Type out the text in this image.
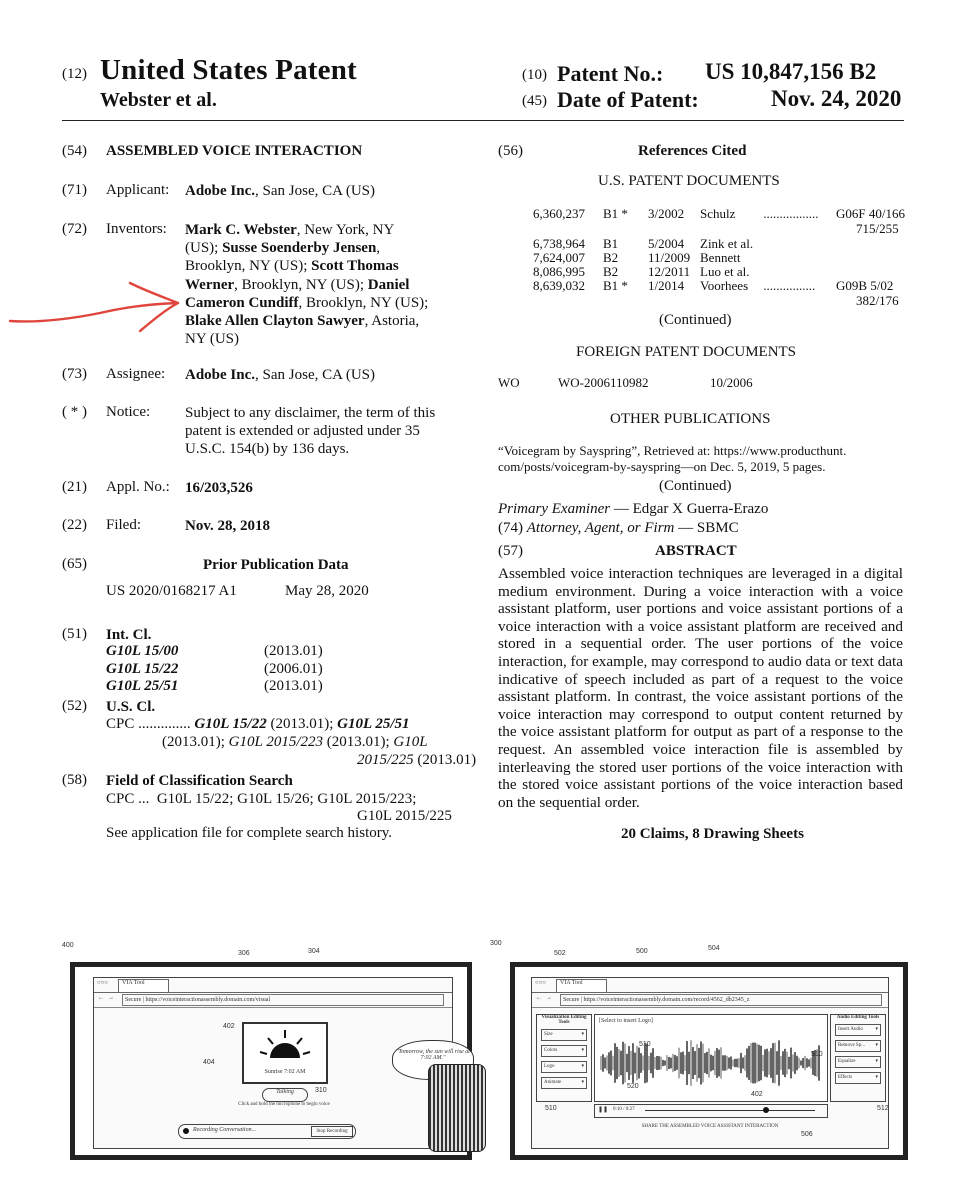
(12) United States Patent
Webster et al.
(10) Patent No.: US 10,847,156 B2
(45) Date of Patent:	Nov. 24, 2020
(54) ASSEMBLED VOICE INTERACTION
(71) Applicant: Adobe Inc., San Jose, CA (US)
(72) Inventors: Mark C. Webster, New York, NY
(US); Susse Soenderby Jensen,
Brooklyn, NY (US); Scott Thomas
Werner, Brooklyn, NY (US); Daniel
Cameron Cundiff, Brooklyn, NY (US);
Blake Allen Clayton Sawyer, Astoria,
NY (US)
(73) Assignee: Adobe Inc., San Jose, CA (US)
( * ) Notice: Subject to any disclaimer, the term of this
patent is extended or adjusted under 35
U.S.C. 154(b) by 136 days.
(21) Appl. No.: 16/203,526
(22) Filed:	Nov. 28, 2018
(65)	Prior Publication Data
US 2020/0168217 A1	May 28, 2020
(51) Int. Cl.
G10L 15/00	(2013.01)
G10L 15/22	(2006.01)
G10L 25/51	(2013.01)
(52) U.S. Cl.
CPC .............. G10L 15/22 (2013.01); G10L 25/51
(2013.01); G10L 2015/223 (2013.01); G10L
2015/225 (2013.01)
(58) Field of Classification Search
CPC ...  G10L 15/22; G10L 15/26; G10L 2015/223;
G10L 2015/225
See application file for complete search history.
(56)	References Cited
U.S. PATENT DOCUMENTS
6,360,237 B1 * 3/2002 Schulz ................. G06F 40/166
715/255
6,738,964 B1 5/2004 Zink et al.
7,624,007 B2 11/2009 Bennett
8,086,995 B2 12/2011 Luo et al.
8,639,032 B1 * 1/2014 Voorhees ................ G09B 5/02
382/176
(Continued)
FOREIGN PATENT DOCUMENTS
WO	WO-2006110982	10/2006
OTHER PUBLICATIONS
“Voicegram by Sayspring”, Retrieved at: https://www.producthunt.
com/posts/voicegram-by-sayspring—on Dec. 5, 2019, 5 pages.
(Continued)
Primary Examiner — Edgar X Guerra-Erazo
(74) Attorney, Agent, or Firm — SBMC
(57)	ABSTRACT
Assembled voice interaction techniques are leveraged in a digital medium environment. During a voice interaction with a voice assistant platform, user portions and voice assistant portions of a voice interaction with a voice assistant platform are received and stored in a sequential order. The user portions of the voice interaction, for example, may correspond to audio data or text data indicative of speech included as part of a request to the voice assistant platform. In contrast, the voice assistant portions of the voice interaction may correspond to output content returned by the voice assistant platform for output as part of a response to the request. An assembled voice interaction file is assembled by interleaving the stored user portions of the voice interaction with the stored voice assistant portions of the voice interaction based on the sequential order.
20 Claims, 8 Drawing Sheets
400
306	304
○○○	VIA Tool
← →	Secure | https://voiceinteractionassembly.domain.com/visual
Sunrise 7:02 AM
Talking
Click and hold the microphone to begin voice
Recording Conversation...	Stop Recording
"Tomorrow, the sun will rise at 7:02 AM."
402
404
310
300
502	500	504
○○○	VIA Tool
← →	Secure | https://voiceinteractionassembly.domain.com/record/4562_db2345_z
Visualization Editing Tools
Size	▾
Colors	▾
Logo	▾
Animate	▾
Audio Editing Tools
Insert Audio	▾
Remove Sp... ▾
Equalize	▾
Effects	▾
[Select to insert Logo]
❚❚ 0:10 / 0:27
SHARE THE ASSEMBLED VOICE ASSISTANT INTERACTION
510
510
510
520
402
512
506
